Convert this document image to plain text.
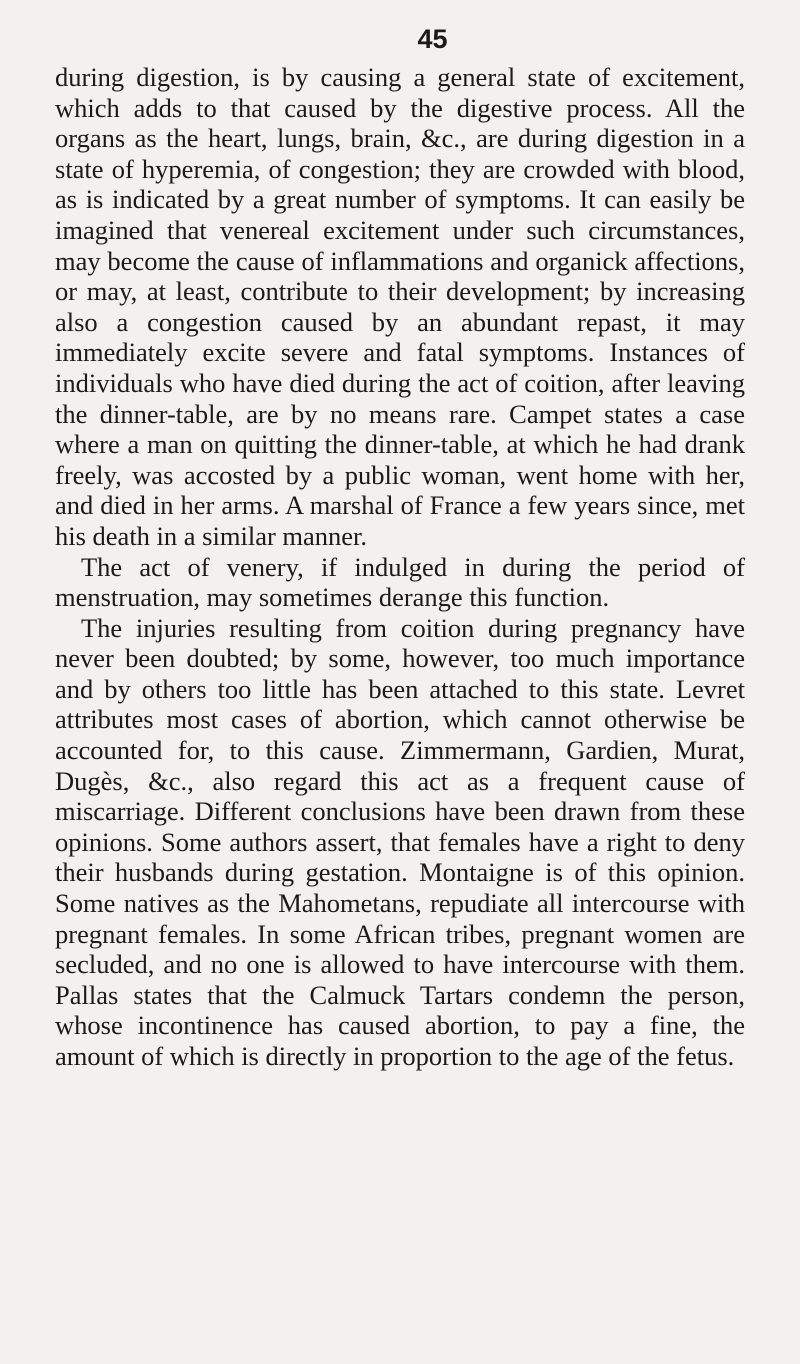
45

during digestion, is by causing a general state of excitement, which adds to that caused by the digestive process. All the organs as the heart, lungs, brain, &c., are during digestion in a state of hyperemia, of congestion; they are crowded with blood, as is indicated by a great number of symptoms. It can easily be imagined that venereal excitement under such circumstances, may become the cause of inflammations and organick affections, or may, at least, contribute to their development; by increasing also a congestion caused by an abundant repast, it may immediately excite severe and fatal symptoms. Instances of individuals who have died during the act of coition, after leaving the dinner-table, are by no means rare. Campet states a case where a man on quitting the dinner-table, at which he had drank freely, was accosted by a public woman, went home with her, and died in her arms. A marshal of France a few years since, met his death in a similar manner.

The act of venery, if indulged in during the period of menstruation, may sometimes derange this function.

The injuries resulting from coition during pregnancy have never been doubted; by some, however, too much importance and by others too little has been attached to this state. Levret attributes most cases of abortion, which cannot otherwise be accounted for, to this cause. Zimmermann, Gardien, Murat, Dugès, &c., also regard this act as a frequent cause of miscarriage. Different conclusions have been drawn from these opinions. Some authors assert, that females have a right to deny their husbands during gestation. Montaigne is of this opinion. Some natives as the Mahometans, repudiate all intercourse with pregnant females. In some African tribes, pregnant women are secluded, and no one is allowed to have intercourse with them. Pallas states that the Calmuck Tartars condemn the person, whose incontinence has caused abortion, to pay a fine, the amount of which is directly in proportion to the age of the fetus.
